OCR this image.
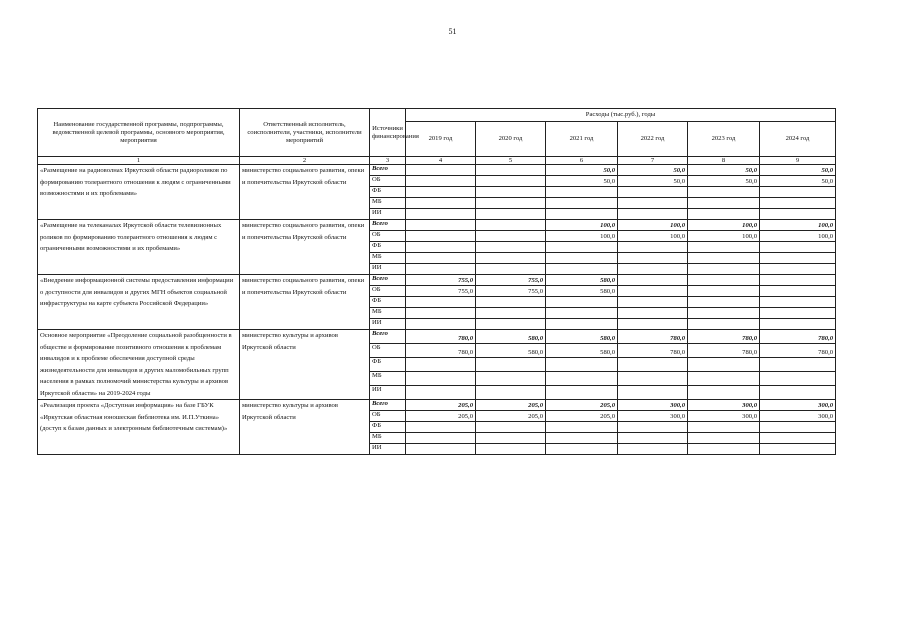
51
Наименование государственной программы, подпрограммы, ведомственной целевой программы, основного мероприятия, мероприятия	Ответственный исполнитель, соисполнители, участники, исполнители мероприятий	Источники финансирования	Расходы (тыс.руб.), годы					
			2019 год	2020 год	2021 год	2022 год	2023 год	2024 год
1	2	3	4	5	6	7	8	9
«Размещение на радиоволнах Иркутской области радиороликов по формированию толерантного отношения к людям с ограниченными возможностями и их проблемами»	министерство социального развития, опеки и попечительства Иркутской области	Всего			50,0	50,0	50,0	50,0
		ОБ			50,0	50,0	50,0	50,0
		ФБ						
		МБ						
		ИИ						
«Размещение на телеканалах Иркутской области телевизионных роликов по формированию толерантного отношения к людям с ограниченными возможностями и их пробемами»	министерство социального развития, опеки и попечительства Иркутской области	Всего			100,0	100,0	100,0	100,0
		ОБ			100,0	100,0	100,0	100,0
		ФБ						
		МБ						
		ИИ						
«Внедрение информационной системы предоставления информации о доступности для инвалидов и других МГН объектов социальной инфраструктуры на карте субъекта Российской Федерации»	министерство социального развития, опеки и попечительства Иркутской области	Всего	755,0	755,0	580,0			
		ОБ	755,0	755,0	580,0			
		ФБ						
		МБ						
		ИИ						
Основное мероприятие «Преодоление социальной разобщенности в обществе и формирование позитивного отношения к проблемам инвалидов и к проблеме обеспечения доступной среды жизнедеятельности для инвалидов и других маломобильных групп населения в рамках полномочий министерства культуры и архивов Иркутской области» на 2019-2024 годы	министерство культуры и архивов Иркутской области	Всего	780,0	580,0	580,0	780,0	780,0	780,0
		ОБ	780,0	580,0	580,0	780,0	780,0	780,0
		ФБ						
		МБ						
		ИИ						
«Реализация проекта «Доступная информация» на базе ГБУК «Иркутская областная юношеская библиотека им. И.П.Уткина» (доступ к базам данных и электронным библиотечным системам)»	министерство культуры и архивов Иркутской области	Всего	205,0	205,0	205,0	300,0	300,0	300,0
		ОБ	205,0	205,0	205,0	300,0	300,0	300,0
		ФБ						
		МБ						
		ИИ						
